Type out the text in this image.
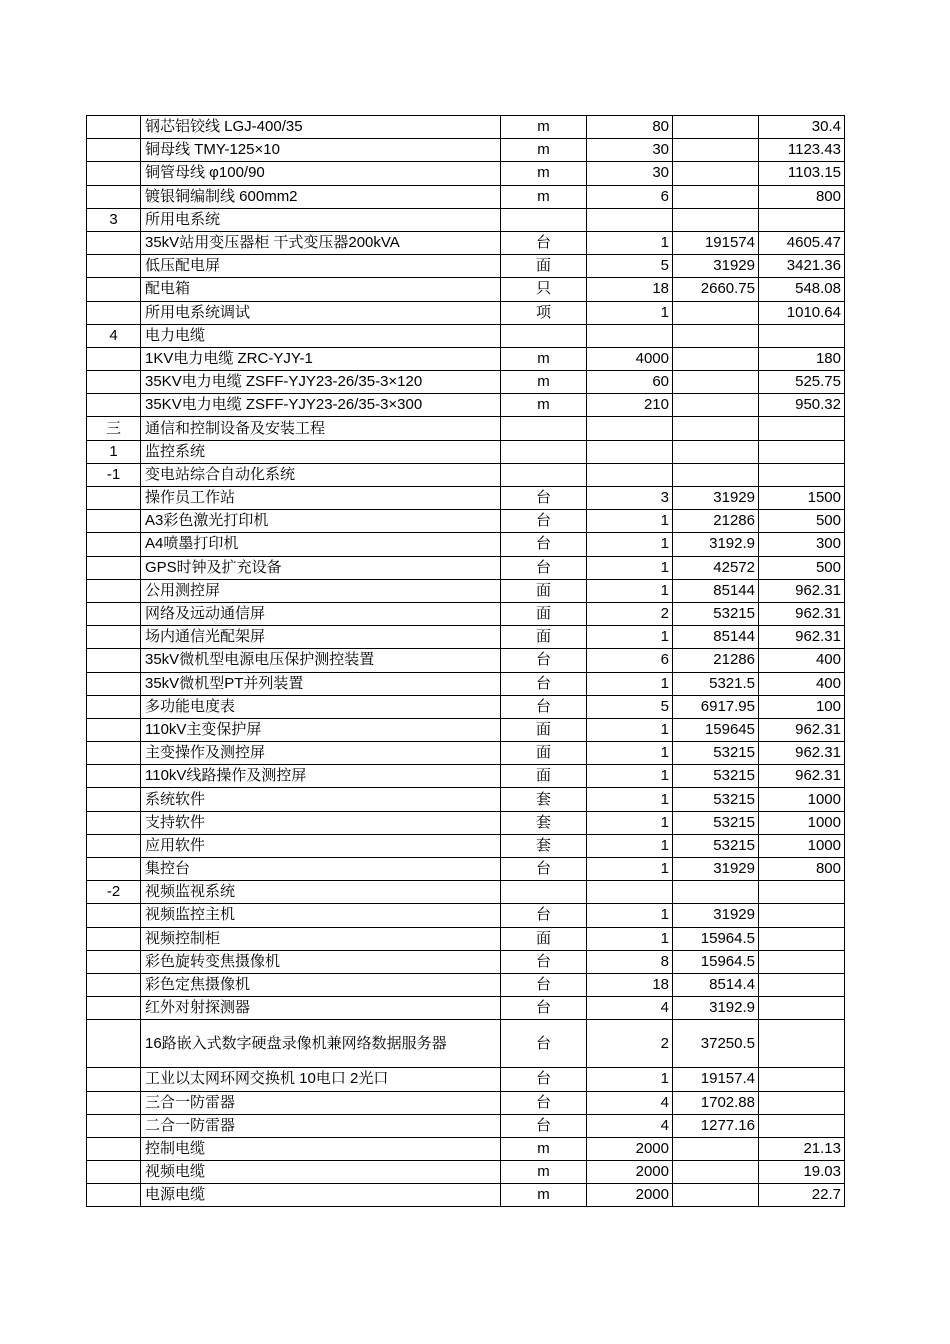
	钢芯铝铰线 LGJ-400/35	m	80		30.4
	铜母线 TMY-125×10	m	30		1123.43
	铜管母线 φ100/90	m	30		1103.15
	镀银铜编制线 600mm2	m	6		800
3	所用电系统				
	35kV站用变压器柜 干式变压器200kVA	台	1	191574	4605.47
	低压配电屏	面	5	31929	3421.36
	配电箱	只	18	2660.75	548.08
	所用电系统调试	项	1		1010.64
4	电力电缆				
	1KV电力电缆 ZRC-YJY-1	m	4000		180
	35KV电力电缆 ZSFF-YJY23-26/35-3×120	m	60		525.75
	35KV电力电缆 ZSFF-YJY23-26/35-3×300	m	210		950.32
三	通信和控制设备及安装工程				
1	监控系统				
-1	变电站综合自动化系统				
	操作员工作站	台	3	31929	1500
	A3彩色激光打印机	台	1	21286	500
	A4喷墨打印机	台	1	3192.9	300
	GPS时钟及扩充设备	台	1	42572	500
	公用测控屏	面	1	85144	962.31
	网络及远动通信屏	面	2	53215	962.31
	场内通信光配架屏	面	1	85144	962.31
	35kV微机型电源电压保护测控装置	台	6	21286	400
	35kV微机型PT并列装置	台	1	5321.5	400
	多功能电度表	台	5	6917.95	100
	110kV主变保护屏	面	1	159645	962.31
	主变操作及测控屏	面	1	53215	962.31
	110kV线路操作及测控屏	面	1	53215	962.31
	系统软件	套	1	53215	1000
	支持软件	套	1	53215	1000
	应用软件	套	1	53215	1000
	集控台	台	1	31929	800
-2	视频监视系统				
	视频监控主机	台	1	31929	
	视频控制柜	面	1	15964.5	
	彩色旋转变焦摄像机	台	8	15964.5	
	彩色定焦摄像机	台	18	8514.4	
	红外对射探测器	台	4	3192.9	
	16路嵌入式数字硬盘录像机兼网络数据服务器	台	2	37250.5	
	工业以太网环网交换机 10电口 2光口	台	1	19157.4	
	三合一防雷器	台	4	1702.88	
	二合一防雷器	台	4	1277.16	
	控制电缆	m	2000		21.13
	视频电缆	m	2000		19.03
	电源电缆	m	2000		22.7
